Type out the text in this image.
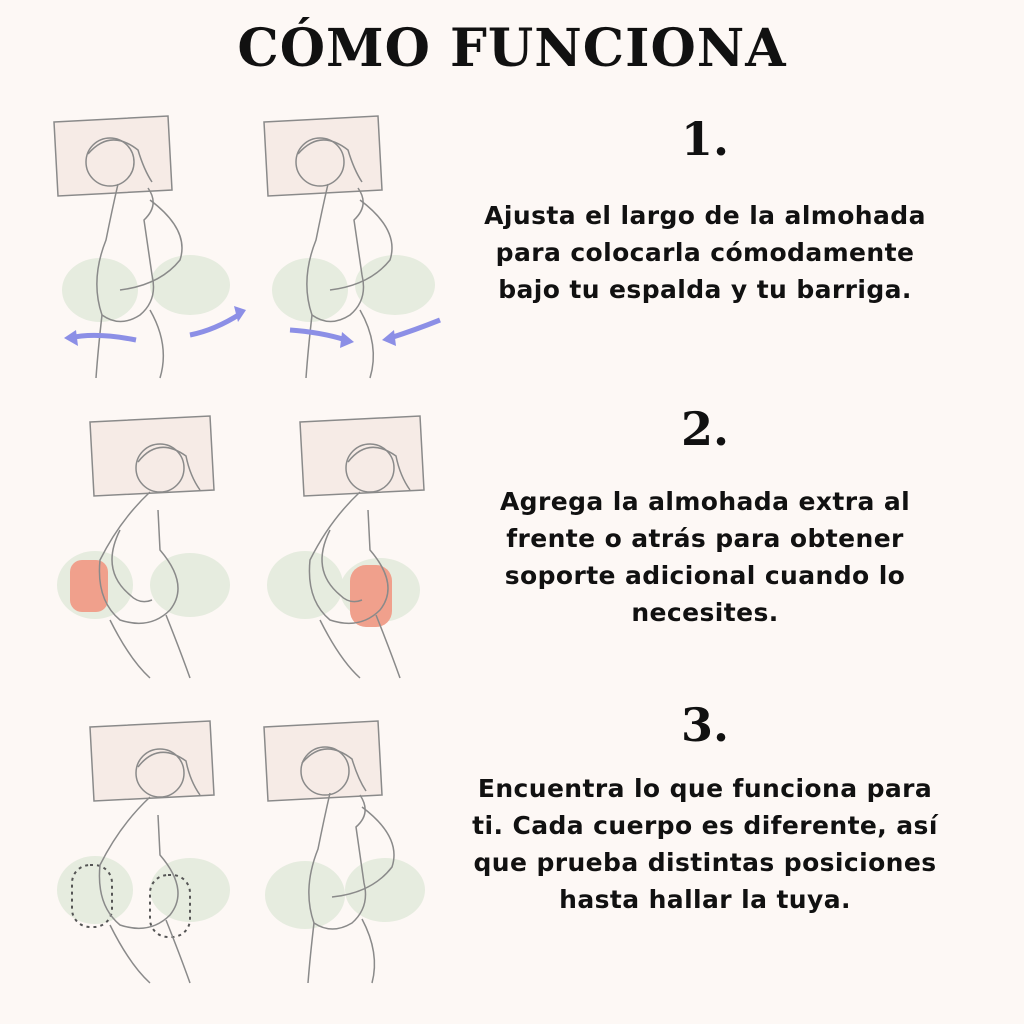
CÓMO FUNCIONA
1.
Ajusta el largo de la almohada para colocarla cómodamente bajo tu espalda y tu barriga.
2.
Agrega la almohada extra al frente o atrás para obtener soporte adicional cuando lo necesites.
3.
Encuentra lo que funciona para ti. Cada cuerpo es diferente, así que prueba distintas posiciones hasta hallar la tuya.
